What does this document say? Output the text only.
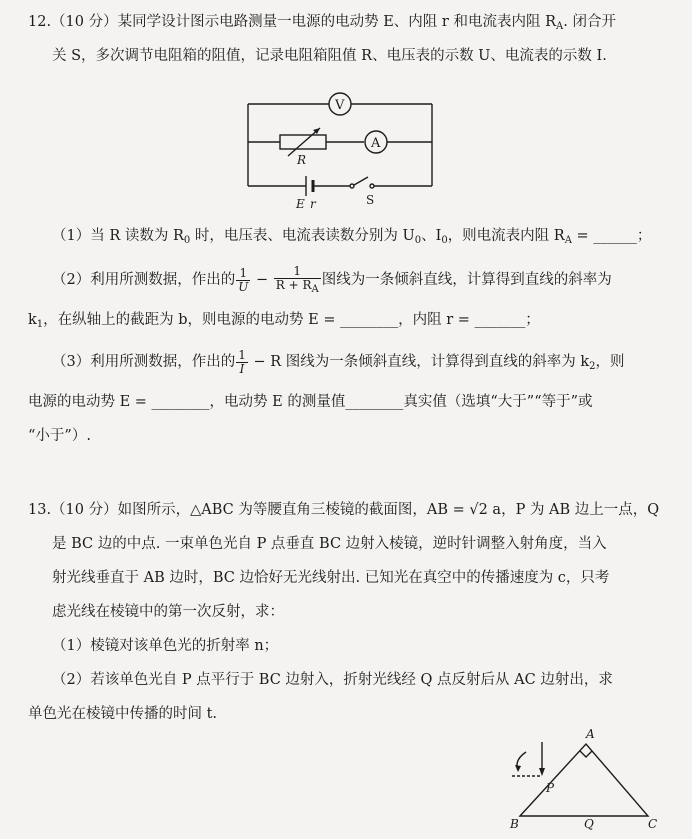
12.（10 分）某同学设计图示电路测量一电源的电动势 E、内阻 r 和电流表内阻 $R_A$. 闭合开
关 S，多次调节电阻箱的阻值，记录电阻箱阻值 R、电压表的示数 U、电流表的示数 I.
V
A
R
E r	S
（1）当 R 读数为 $R_0$ 时，电压表、电流表读数分别为 $U_0$、$I_0$，则电流表内阻 $R_A$ = ______；
（2）利用所测数据，作出的 $\frac{1}{U} - \frac{1}{R + R_A}$ 图线为一条倾斜直线，计算得到直线的斜率为
$k_1$，在纵轴上的截距为 b，则电源的电动势 E = ________，内阻 r = _______；
（3）利用所测数据，作出的 $\frac{1}{I} - R$ 图线为一条倾斜直线，计算得到直线的斜率为 $k_2$，则
电源的电动势 E = ________，电动势 E 的测量值________真实值（选填“大于”“等于”或
“小于”）.
13.（10 分）如图所示，△ABC 为等腰直角三棱镜的截面图，AB = √2 a，P 为 AB 边上一点，Q
是 BC 边的中点. 一束单色光自 P 点垂直 BC 边射入棱镜，逆时针调整入射角度，当入
射光线垂直于 AB 边时，BC 边恰好无光线射出. 已知光在真空中的传播速度为 c，只考
虑光线在棱镜中的第一次反射，求：
（1）棱镜对该单色光的折射率 n；
（2）若该单色光自 P 点平行于 BC 边射入，折射光线经 Q 点反射后从 AC 边射出，求
单色光在棱镜中传播的时间 t.
A
B	C
P
Q
